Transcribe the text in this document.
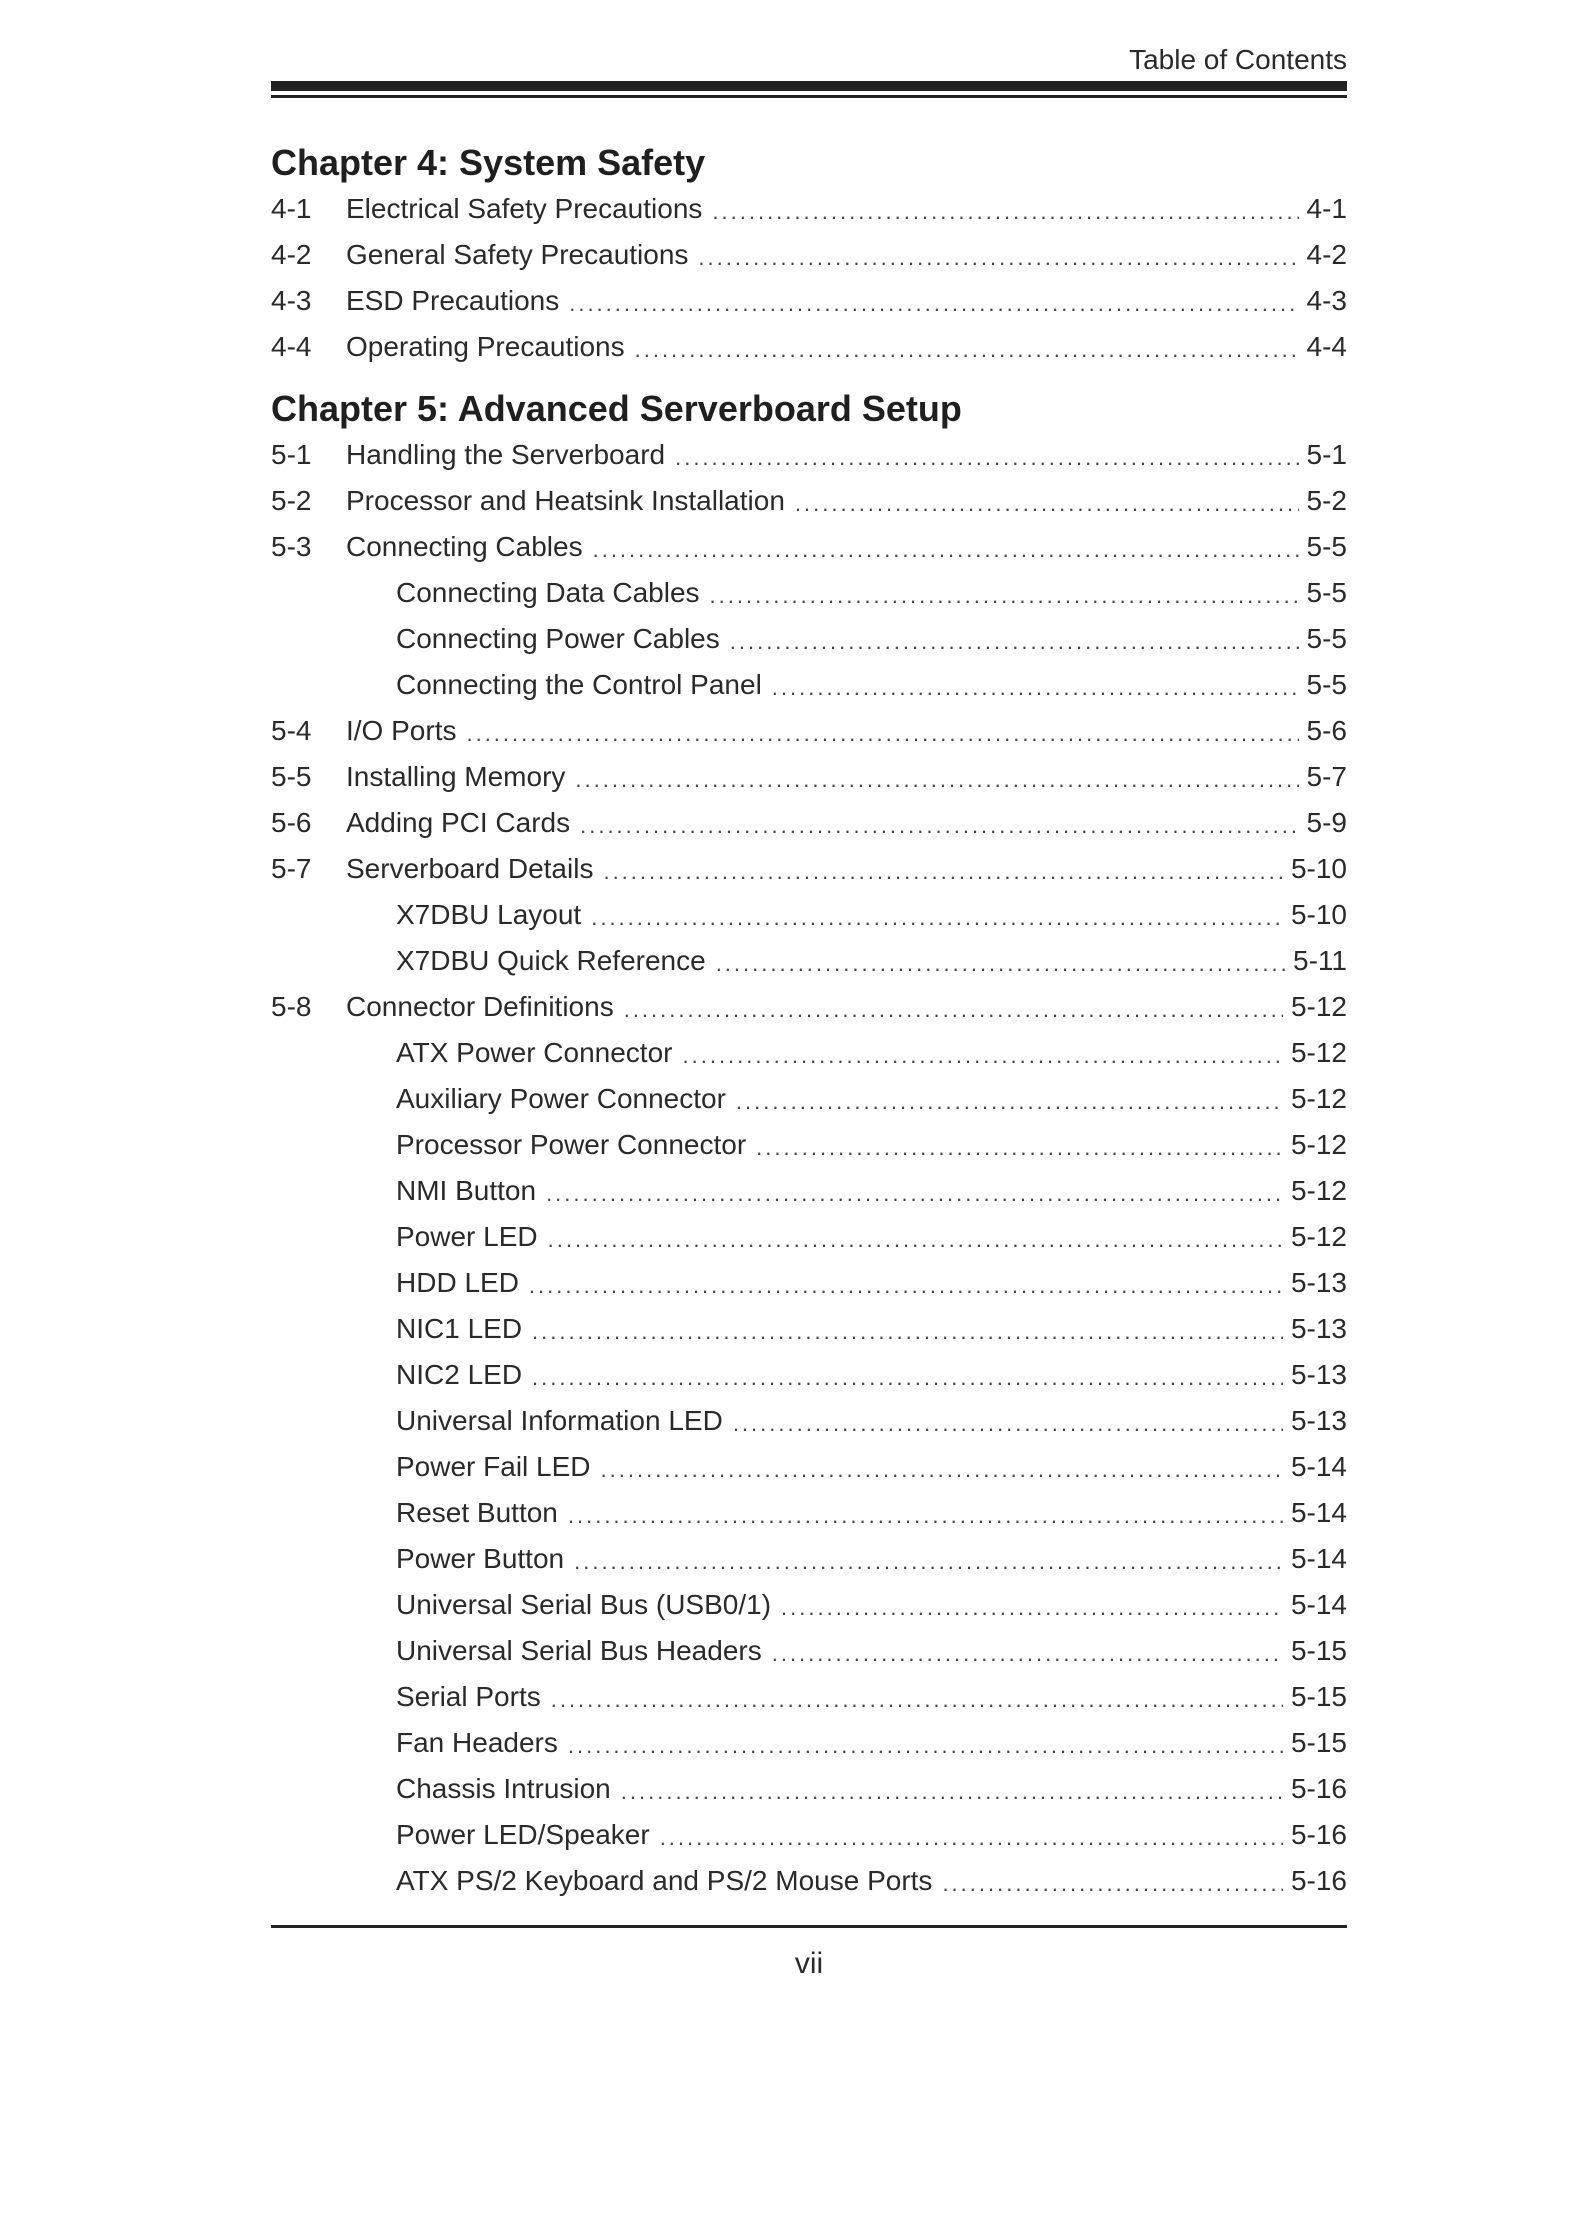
Table of Contents
Chapter 4: System Safety
4-1	Electrical Safety Precautions .....	4-1
4-2	General Safety Precautions .....	4-2
4-3	ESD Precautions .....	4-3
4-4	Operating Precautions .....	4-4
Chapter 5: Advanced Serverboard Setup
5-1	Handling the Serverboard .....	5-1
5-2	Processor and Heatsink Installation .....	5-2
5-3	Connecting Cables .....	5-5
Connecting Data Cables .....	5-5
Connecting Power Cables .....	5-5
Connecting the Control Panel .....	5-5
5-4	I/O Ports .....	5-6
5-5	Installing Memory .....	5-7
5-6	Adding PCI Cards .....	5-9
5-7	Serverboard Details .....	5-10
X7DBU Layout .....	5-10
X7DBU Quick Reference .....	5-11
5-8	Connector Definitions .....	5-12
ATX Power Connector .....	5-12
Auxiliary Power Connector .....	5-12
Processor Power Connector .....	5-12
NMI Button .....	5-12
Power LED .....	5-12
HDD LED .....	5-13
NIC1 LED .....	5-13
NIC2 LED .....	5-13
Universal Information LED .....	5-13
Power Fail LED .....	5-14
Reset Button .....	5-14
Power Button .....	5-14
Universal Serial Bus (USB0/1) .....	5-14
Universal Serial Bus Headers .....	5-15
Serial Ports .....	5-15
Fan Headers .....	5-15
Chassis Intrusion .....	5-16
Power LED/Speaker .....	5-16
ATX PS/2 Keyboard and PS/2 Mouse Ports .....	5-16
vii
